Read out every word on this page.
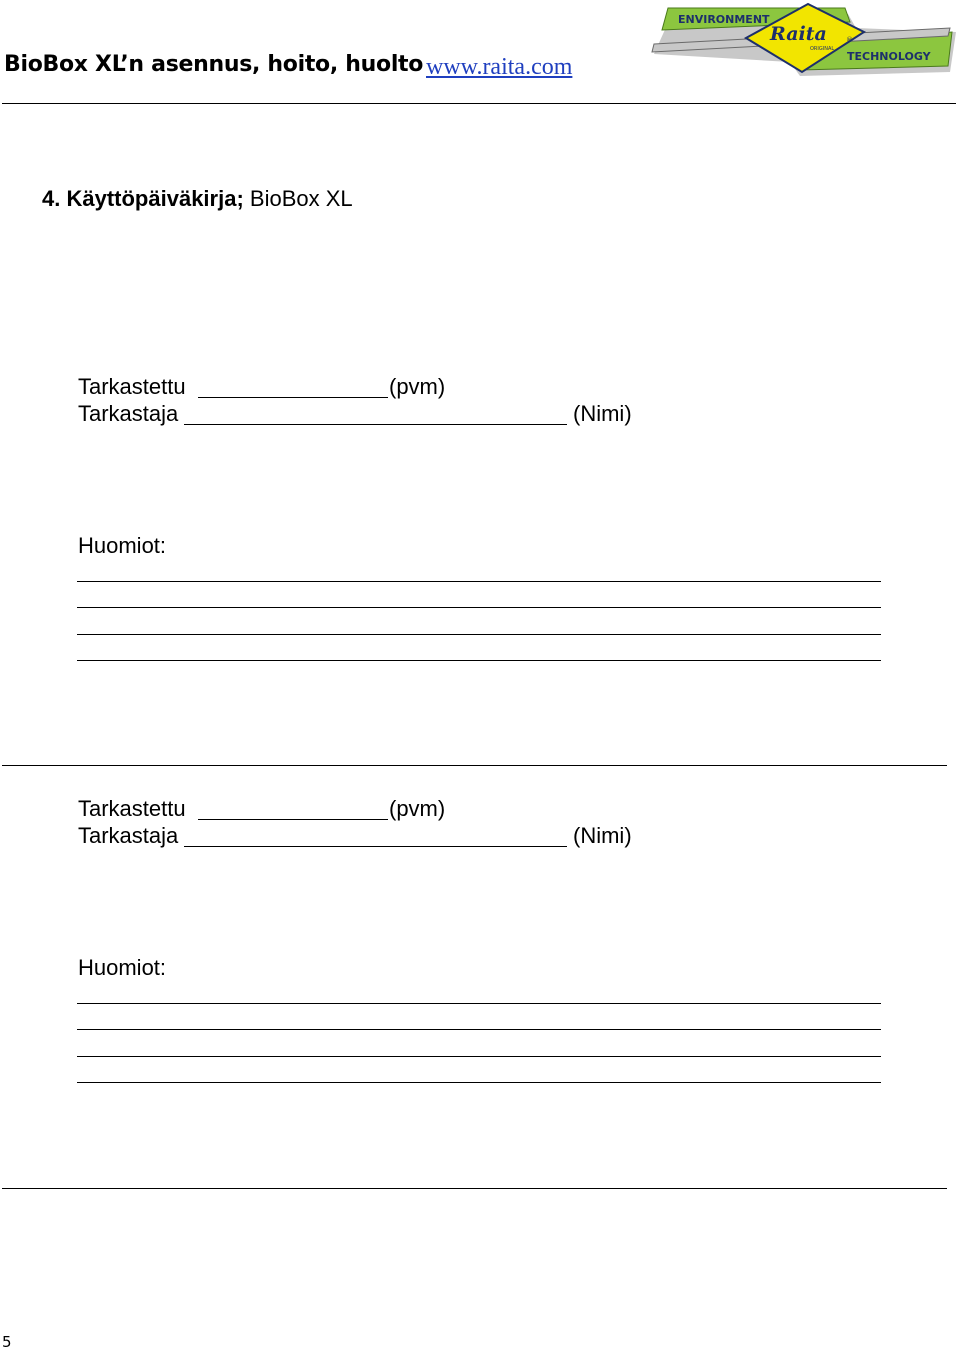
BioBox XL’n asennus, hoito, huolto www.raita.com
ENVIRONMENT
Raita
ORIGINAL
®
TECHNOLOGY
4. Käyttöpäiväkirja; BioBox XL
Tarkastettu	(pvm)
Tarkastaja	(Nimi)
Huomiot:
Tarkastettu	(pvm)
Tarkastaja	(Nimi)
Huomiot:
5
